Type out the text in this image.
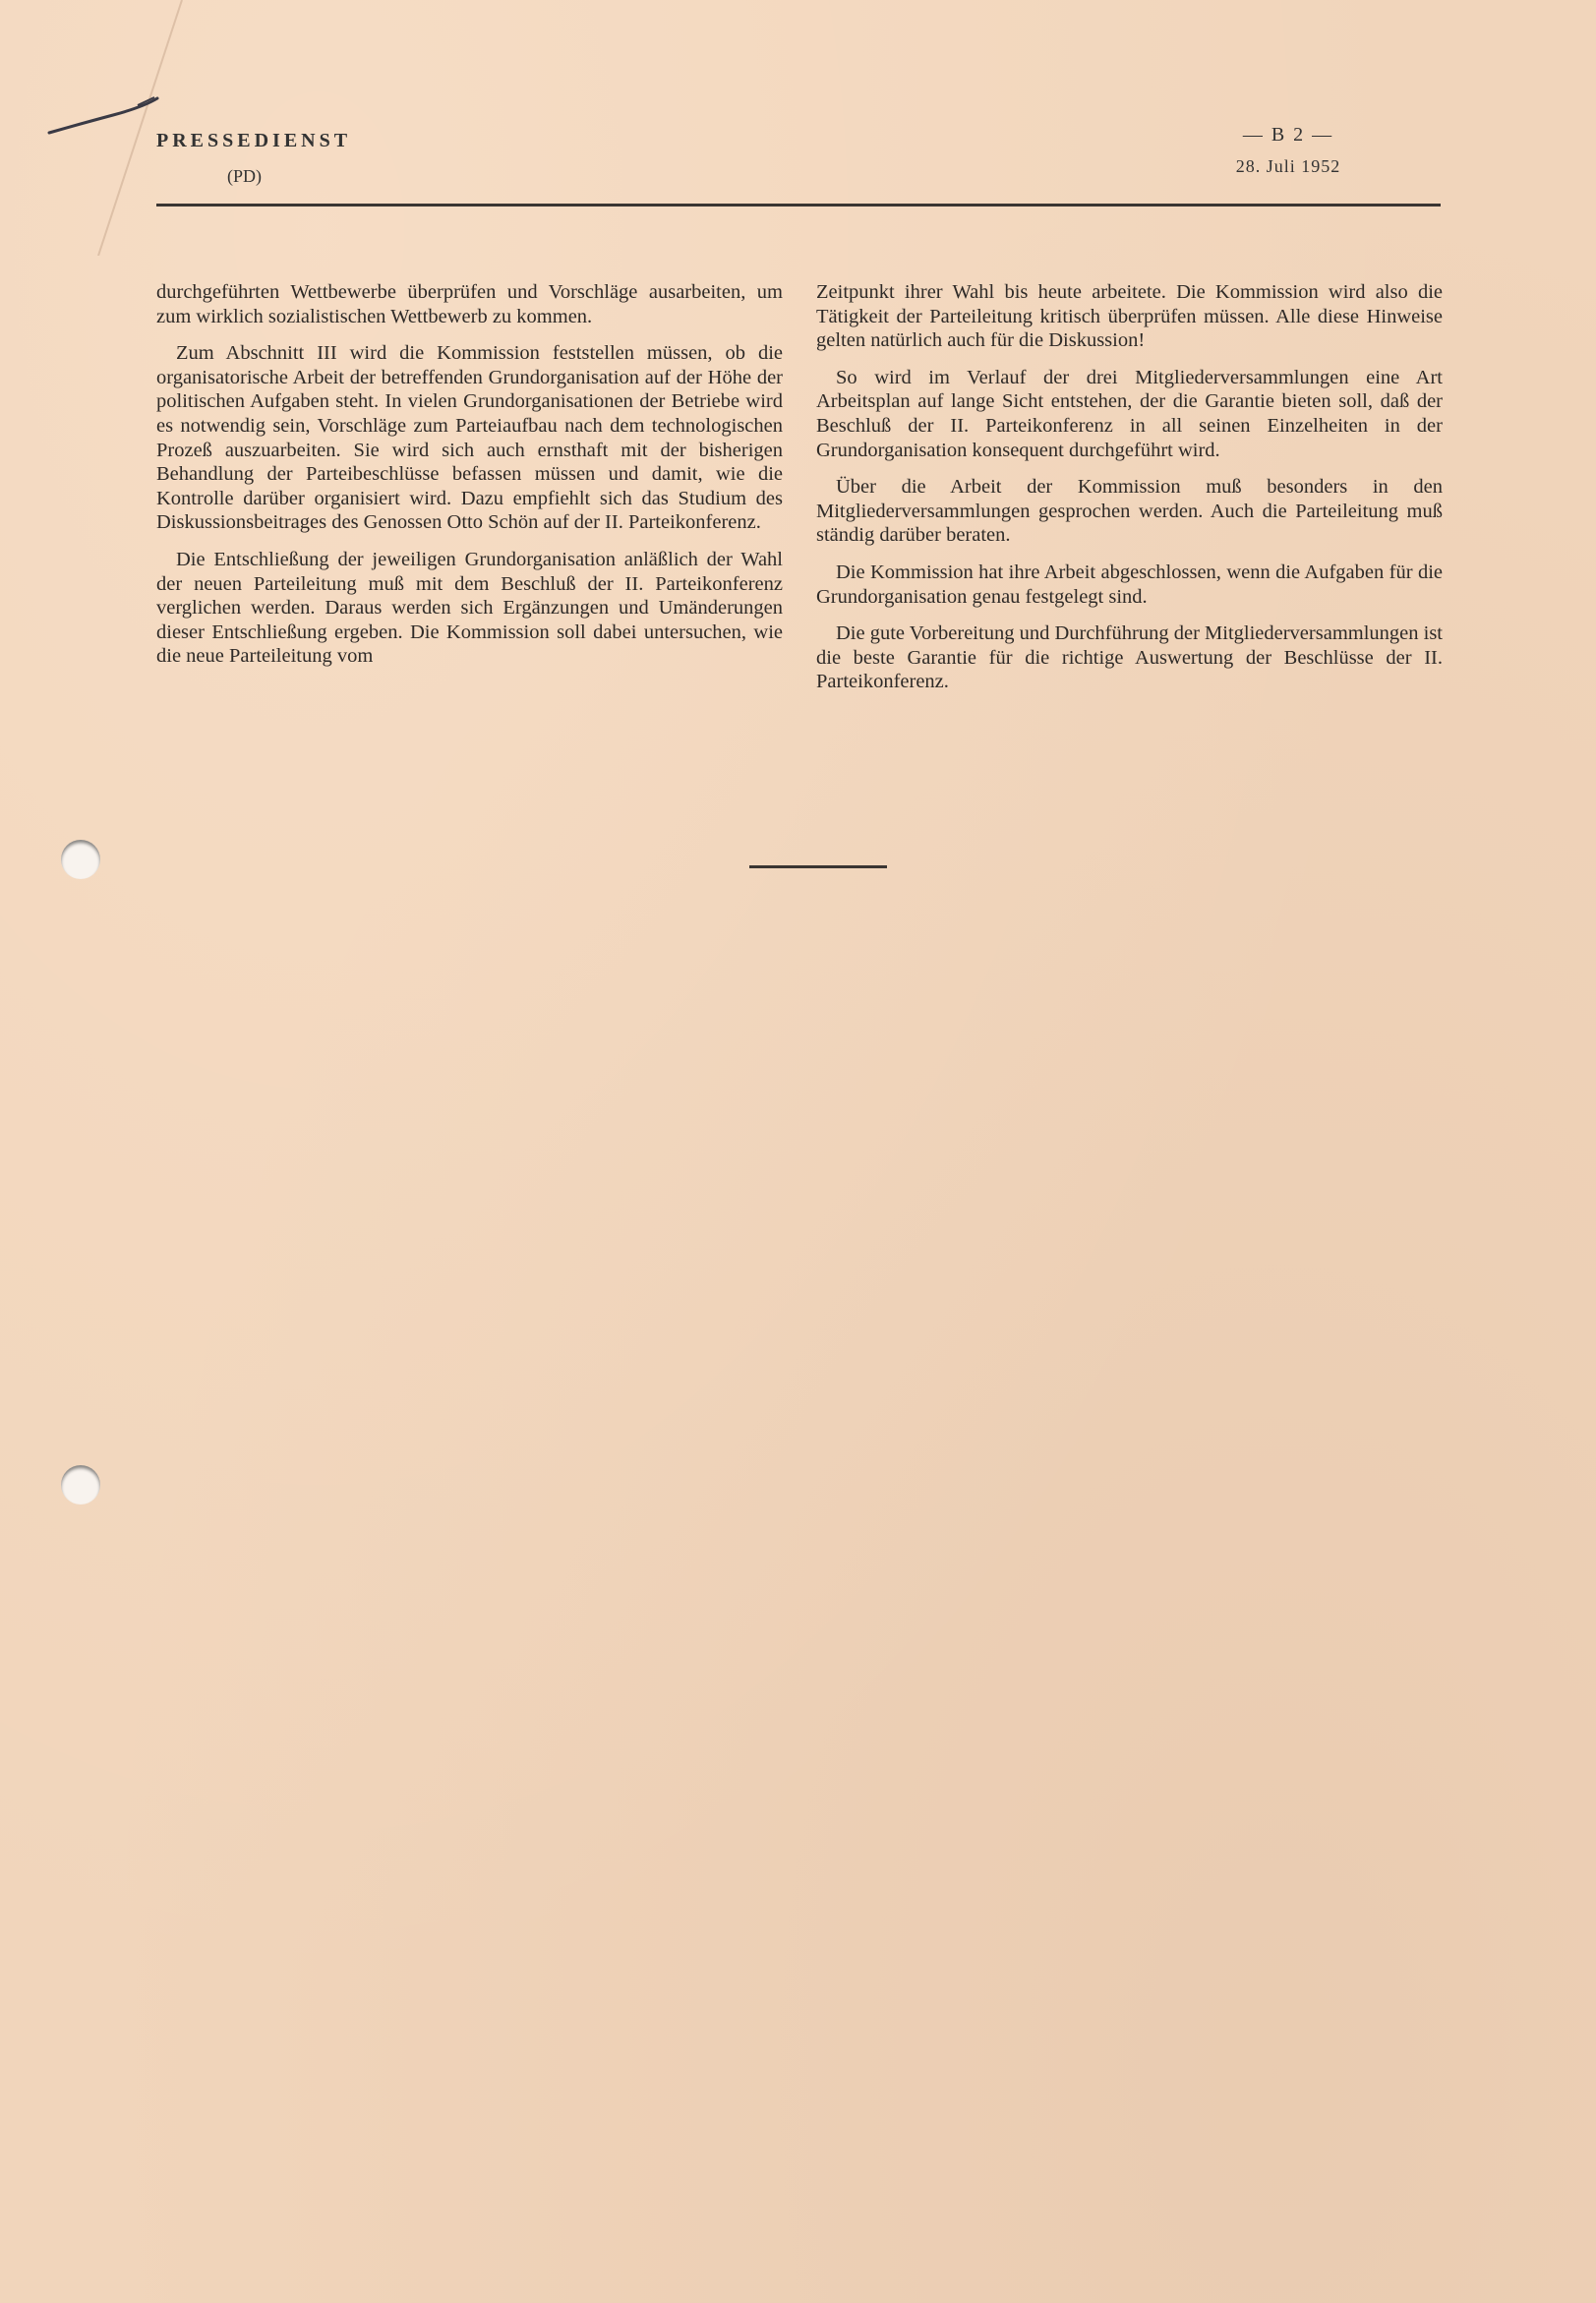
PRESSEDIENST
(PD)
— B 2 —
28. Juli 1952

durchgeführten Wettbewerbe überprüfen und Vorschläge ausarbeiten, um zum wirklich sozialistischen Wettbewerb zu kommen.

Zum Abschnitt III wird die Kommission feststellen müssen, ob die organisatorische Arbeit der betreffenden Grundorganisation auf der Höhe der politischen Aufgaben steht. In vielen Grundorganisationen der Betriebe wird es notwendig sein, Vorschläge zum Parteiaufbau nach dem technologischen Prozeß auszuarbeiten. Sie wird sich auch ernsthaft mit der bisherigen Behandlung der Parteibeschlüsse befassen müssen und damit, wie die Kontrolle darüber organisiert wird. Dazu empfiehlt sich das Studium des Diskussionsbeitrages des Genossen Otto Schön auf der II. Parteikonferenz.

Die Entschließung der jeweiligen Grundorganisation anläßlich der Wahl der neuen Parteileitung muß mit dem Beschluß der II. Parteikonferenz verglichen werden. Daraus werden sich Ergänzungen und Umänderungen dieser Entschließung ergeben. Die Kommission soll dabei untersuchen, wie die neue Parteileitung vom

Zeitpunkt ihrer Wahl bis heute arbeitete. Die Kommission wird also die Tätigkeit der Parteileitung kritisch überprüfen müssen. Alle diese Hinweise gelten natürlich auch für die Diskussion!

So wird im Verlauf der drei Mitgliederversammlungen eine Art Arbeitsplan auf lange Sicht entstehen, der die Garantie bieten soll, daß der Beschluß der II. Parteikonferenz in all seinen Einzelheiten in der Grundorganisation konsequent durchgeführt wird.

Über die Arbeit der Kommission muß besonders in den Mitgliederversammlungen gesprochen werden. Auch die Parteileitung muß ständig darüber beraten.

Die Kommission hat ihre Arbeit abgeschlossen, wenn die Aufgaben für die Grundorganisation genau festgelegt sind.

Die gute Vorbereitung und Durchführung der Mitgliederversammlungen ist die beste Garantie für die richtige Auswertung der Beschlüsse der II. Parteikonferenz.
